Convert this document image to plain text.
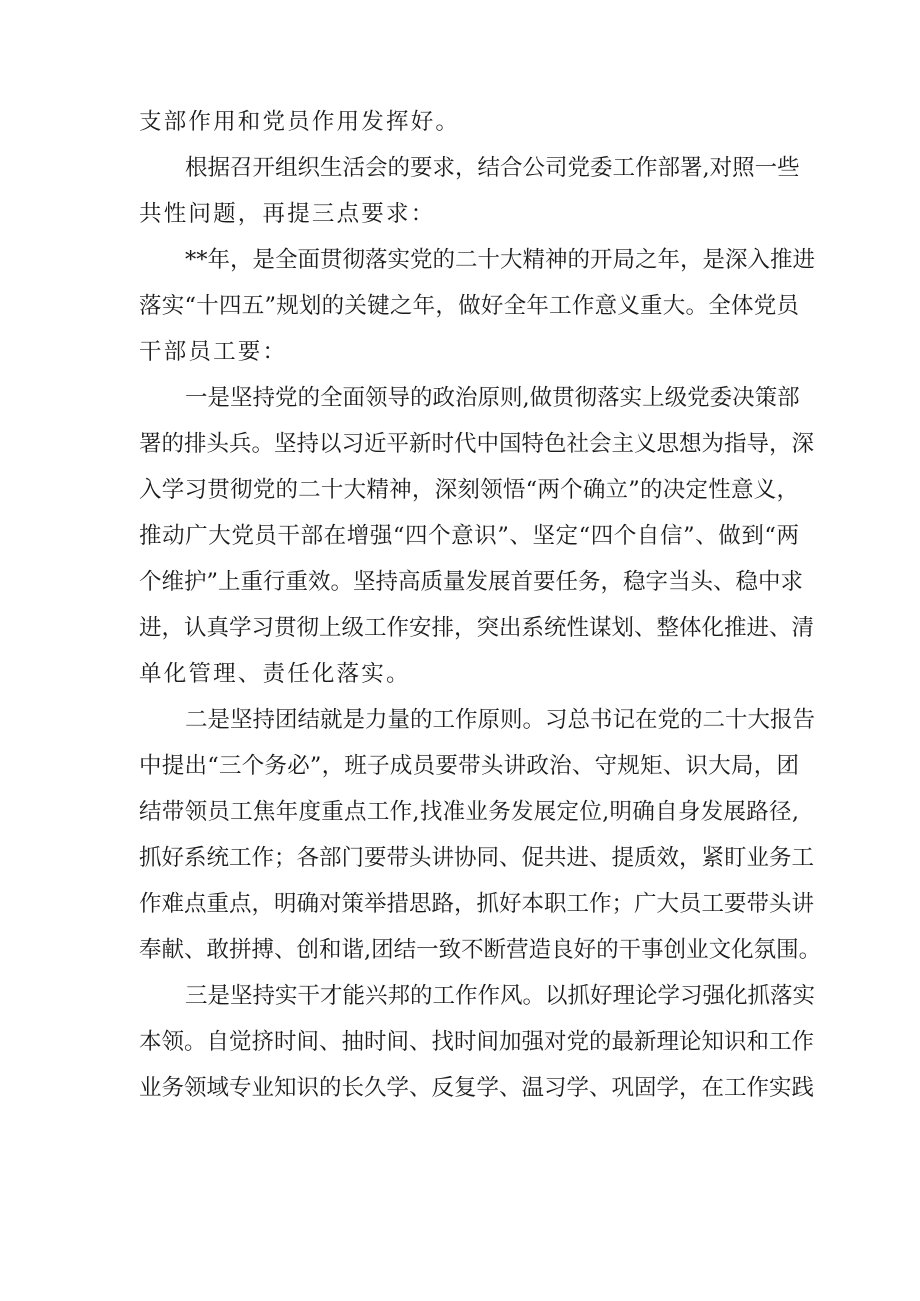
支部作用和党员作用发挥好。
根据召开组织生活会的要求，结合公司党委工作部署,对照一些
共性问题，再提三点要求：
**年，是全面贯彻落实党的二十大精神的开局之年，是深入推进
落实“十四五”规划的关键之年，做好全年工作意义重大。全体党员
干部员工要：
一是坚持党的全面领导的政治原则,做贯彻落实上级党委决策部
署的排头兵。坚持以习近平新时代中国特色社会主义思想为指导，深
入学习贯彻党的二十大精神，深刻领悟“两个确立”的决定性意义，
推动广大党员干部在增强“四个意识”、坚定“四个自信”、做到“两
个维护”上重行重效。坚持高质量发展首要任务，稳字当头、稳中求
进，认真学习贯彻上级工作安排，突出系统性谋划、整体化推进、清
单化管理、责任化落实。
二是坚持团结就是力量的工作原则。习总书记在党的二十大报告
中提出“三个务必”，班子成员要带头讲政治、守规矩、识大局，团
结带领员工焦年度重点工作,找准业务发展定位,明确自身发展路径,
抓好系统工作；各部门要带头讲协同、促共进、提质效，紧盯业务工
作难点重点，明确对策举措思路，抓好本职工作；广大员工要带头讲
奉献、敢拼搏、创和谐,团结一致不断营造良好的干事创业文化氛围。
三是坚持实干才能兴邦的工作作风。以抓好理论学习强化抓落实
本领。自觉挤时间、抽时间、找时间加强对党的最新理论知识和工作
业务领域专业知识的长久学、反复学、温习学、巩固学，在工作实践
